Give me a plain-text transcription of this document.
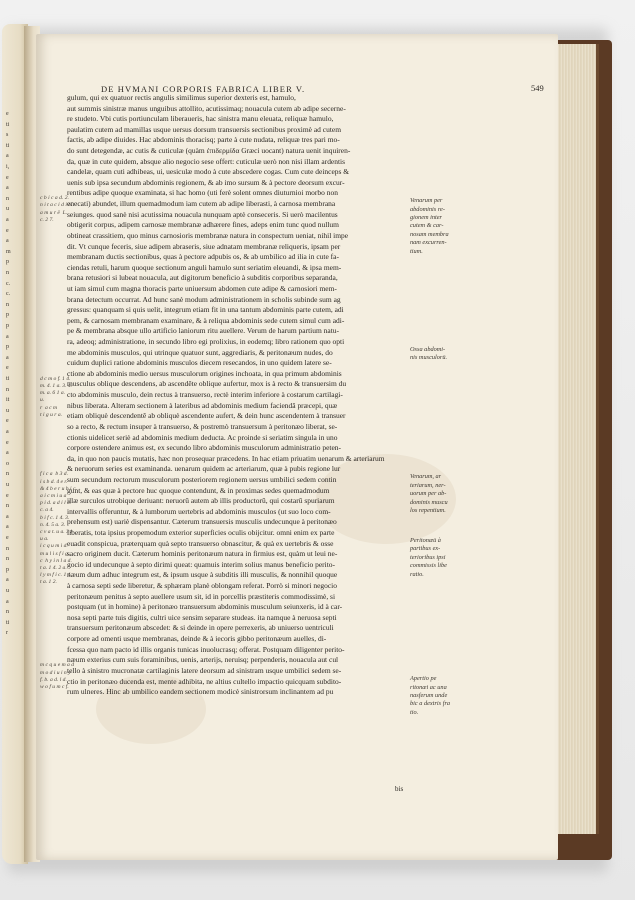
e
ti
s
ti
a
i,
e
a
n
u
a
e
a
m
p
n
c.
c.
n
p
p
a
p
a
e
ti
n
it
u
e
a
e
a
o
n
u
e
n
a
a
e
n
n
p
a
u
a
n
ti
r
DE HVMANI CORPORIS FABRICA LIBER V.	549
gulum, qui ex quatuor rectis angulis similimus superior dexteris est, hamulo,
aut summis sinistræ manus unguibus attollito, acutissimaq; nouacula cutem ab adipe secerne-
re studeto. Vbi cutis portiunculam liberaueris, hac sinistra manu eleuata, reliquæ hamulo,
paulatim cutem ad mamillas usque uersus dorsum transuersis sectionibus proximè ad cutem
factis, ab adipe diuides. Hac abdominis thoracisq; parte à cute nudata, reliquæ tres pari mo-
do sunt detegendæ, ac cutis & cuticulæ (quàm ἐπιδερμίδα Græci uocant) natura uenit inquiren-
da, quæ in cute quidem, absque alio negocio sese offert: cuticulæ uerò non nisi illam ardentis
candelæ, quam cuti adhibeas, ui, uesiculæ modo à cute abscedere cogas. Cum cute deinceps &
uenis sub ipsa secundum abdominis regionem, & ab imo sursum & à pectore deorsum excur-
rentibus adipe quoque examinata, si hac homo (uti ferè solent omnes diuturnioi morbo non
enecati) abundet, illum quemadmodum iam cutem ab adipe liberasti, à carnosa membrana
seiunges. quod sanè nisi acutissima nouacula nunquam aptè conseceris. Si uerò macilentus
obtigerit corpus, adipem carnosæ membranæ adhærere fines, adeps enim tunc quod nullum
obtineat crassitiem, quo minus carnosioris membranæ natura in conspectum ueniat, nihil impe
dit. Vt cunque feceris, siue adipem abraseris, siue adnatam membranæ reliqueris, ipsam per
membranam ductis sectionibus, quas à pectore adpubis os, & ab umbilico ad ilia in cute fa-
ciendas retuli, harum quoque sectionum anguli hamulo sunt seriatim eleuandi, & ipsa mem-
brana retusiori si lubeat nouacula, aut digitorum beneficio à subditis corporibus separanda,
ut iam simul cum magna thoracis parte uniuersum abdomen cute adipe & carnosiori mem-
brana detectum occurrat. Ad hunc sanè modum administrationem in scholis subinde sum ag
gressus: quanquam si quis uelit, integrum etiam fit in una tantum abdominis parte cutem, adi
pem, & carnosam membranam examinare, & à reliqua abdominis sede cutem simul cum adi-
pe & membrana absque ullo artificio laniorum ritu auellere. Verum de harum partium natu-
ra, adeoq; administratione, in secundo libro egi prolixius, in eodemq; libro rationem quo opti
me abdominis musculos, qui utrinque quatuor sunt, aggrediaris, & peritonæum nudes, do
cuidum duplici ratione abdominis musculos diecem resecandos, in uno quidem latere se-
ctione ab abdominis medio uersus musculorum origines inchoata, in qua primum abdominis
musculus oblique descendens, ab ascendête oblique aufertur, mox is à recto & transuersim du
cto abdominis musculo, dein rectus à transuerso, rectè interim inferiore à costarum cartilagi-
nibus liberata. Alteram sectionem à lateribus ad abdominis medium faciendâ præcepi, quæ
etiam obliquè descendentê ab obliquè ascendente aufert, & dein hunc ascendentem à transuer
so a recto, & rectum insuper à transuerso, & postremò transuersum à peritonæo liberat, se-
ctionis uidelicet seriè ad abdominis medium deducta. Ac proinde si seriatim singula in uno
corpore ostendere animus est, ex secundo libro abdominis musculorum administratio peten-
da, in quo non paucis mutatis, hæc non prosequar præcedens. In hac etiam priuatim uenarum & arteriarum
& neruorum series est examinanda. uenarum quidem ac arteriarum, quæ à pubis regione lur
sum secundum rectorum musculorum posteriorem regionem uersus umbilici sedem contin
gunt, & eas quæ à pectore huc quoque contendunt, & in proximas sedes quemadmodum
illæ surculos utrobique deriuant: neruorū autem ab illis productorū, qui costarū spuriarum
intervallis offeruntur, & à lumborum uertebris ad abdominis musculos (ut suo loco com-
prehensum est) uariè dispensantur. Cæterum transuersis musculis undecunque à peritonæo
liberatis, tota ipsius propemodum exterior superficies oculis obijcitur. omni enim ex parte
euadit conspicua, præterquam quà septo transuerso obnascitur, & quà ex uertebris & osse
sacro originem ducit. Cæterum hominis peritonæum natura in firmius est, quàm ut leui ne-
gocio id undecunque à septo dirimi queat: quamuis interim solius manus beneficio perito-
næum dum adhuc integrum est, & ipsum usque à subditis illi musculis, & nonnihil quoque
à carnosa septi sede liberetur, & sphæram planè oblongam referat. Porrò si minori negocio
peritonæum penitus à septo auellere usum sit, id in porcellis præstiteris commodissimè, si
postquam (ut in homine) à peritonæo transuersum abdominis musculum seiunxeris, id à car-
nosa septi parte tuis digitis, cultri uice sensim separare studeas. ita namque à neruosa septi
transuersum peritonæum abscedet: & si deinde in opere perrexeris, ab uniuerso uentriculi
corpore ad omenti usque membranas, deinde & à iecoris gibbo peritonæum auelles, di-
fcessa quo nam pacto id illis organis tunicas inuolucrasq; offerat. Postquam diligenter perito-
næum exterius cum suis foraminibus, uenis, arterijs, neruisq; perpenderis, nouacula aut cul
tello à sinistro mucronatæ cartilaginis latere deorsum ad sinistram usque umbilici sedem se-
ctio in peritonæo ducenda est, mente adhibita, ne altius cultello impactio quicquam subdito-
rum ulneres. Hinc ab umbilico eandem sectionem modicè sinistrorsum inclinantem ad pu
bis
Venarum per
abdominis re-
gionem inter
cutem & car-
nosam membra
nam excurren-
tium.
Ossa abdomi-
nis musculorū.
Venarum, ar
teriarum, ner-
uorum per ab-
dominis muscu
los repentium.
Peritonæū à
partibus ex-
terioribus ipsi
commissis libe
ratio.
Apertio pe
ritonæi ac una
nasferum unde
bic a dextris fra
tio.
c b i c a d. 2.
n i t a c i d i b.
a m u r ē  L.
c. 2 7.
d c m o f. 1 4.
m. 4. 1 a. 3. 4.
m. a. 6 1 a.
u.
r  a c m
t i g u r a.
f i c a  b 3 d.
i s b d. 4 e r.
& 4 b e r u b i c.
a i c m i u a
p i d. a d i l d.
c. a 4.
b i f c. 1 4. 3.
n. 4. 5 a. 3.
c v a t. u a. 3 i
u a.
i c q u m i d.
m u l i s f i g.
c  h y i n l a d.
t a. 1 4. 2 a.
l y m f i c. 1 4.
t a. 1 2.
m c q u e m a d
m o d i u i n y
f. b. a d. l d.
w o f u m c f.
